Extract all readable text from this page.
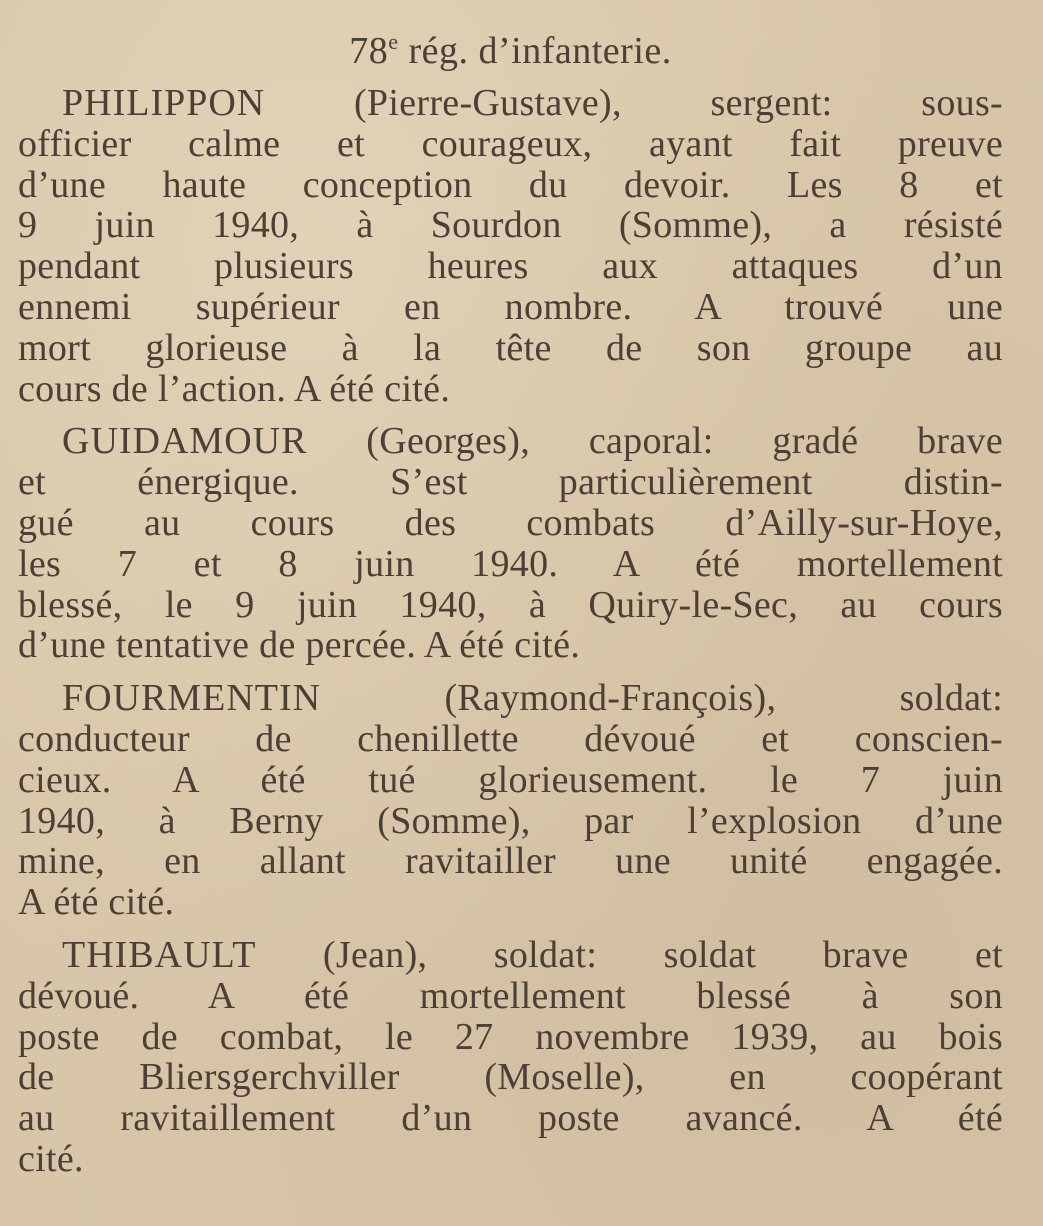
78e rég. d’infanterie.
PHILIPPON (Pierre-Gustave), sergent: sous-
officier calme et courageux, ayant fait preuve
d’une haute conception du devoir. Les 8 et
9 juin 1940, à Sourdon (Somme), a résisté
pendant plusieurs heures aux attaques d’un
ennemi supérieur en nombre. A trouvé une
mort glorieuse à la tête de son groupe au
cours de l’action. A été cité.
GUIDAMOUR (Georges), caporal: gradé brave
et énergique. S’est particulièrement distin-
gué au cours des combats d’Ailly-sur-Hoye,
les 7 et 8 juin 1940. A été mortellement
blessé, le 9 juin 1940, à Quiry-le-Sec, au cours
d’une tentative de percée. A été cité.
FOURMENTIN (Raymond-François), soldat:
conducteur de chenillette dévoué et conscien-
cieux. A été tué glorieusement. le 7 juin
1940, à Berny (Somme), par l’explosion d’une
mine, en allant ravitailler une unité engagée.
A été cité.
THIBAULT (Jean), soldat: soldat brave et
dévoué. A été mortellement blessé à son
poste de combat, le 27 novembre 1939, au bois
de Bliersgerchviller (Moselle), en coopérant
au ravitaillement d’un poste avancé. A été
cité.
